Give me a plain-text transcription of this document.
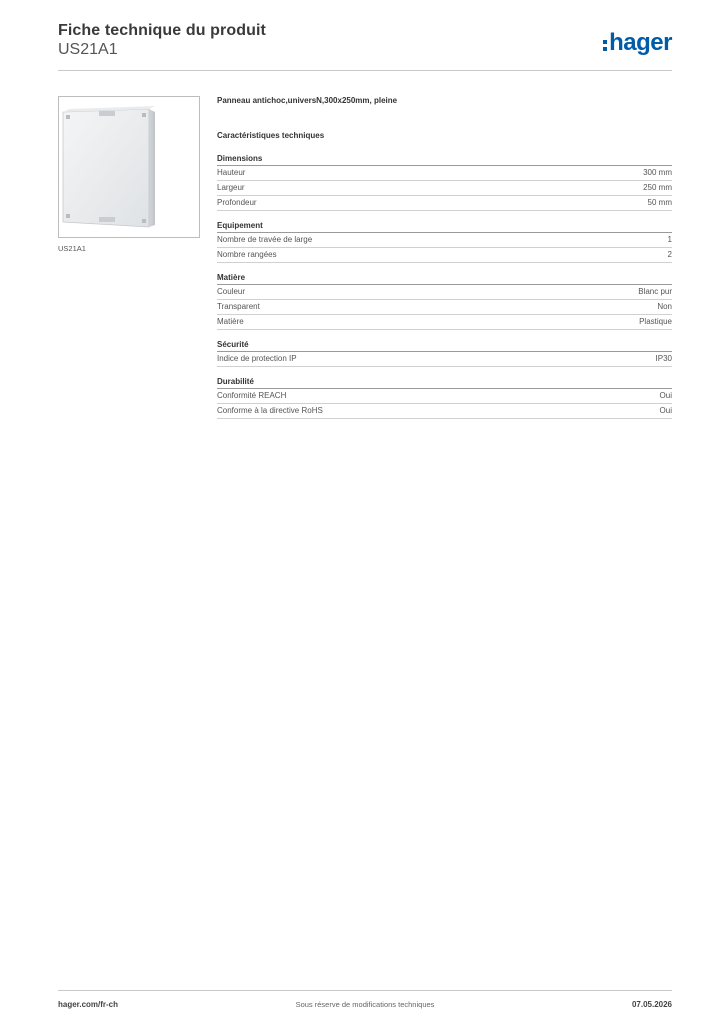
Fiche technique du produit
US21A1	hager
US21A1
Panneau antichoc,universN,300x250mm, pleine
Caractéristiques techniques
Dimensions
Hauteur	300 mm
Largeur	250 mm
Profondeur	50 mm
Equipement
Nombre de travée de large	1
Nombre rangées	2
Matière
Couleur	Blanc pur
Transparent	Non
Matière	Plastique
Sécurité
Indice de protection IP	IP30
Durabilité
Conformité REACH	Oui
Conforme à la directive RoHS	Oui
hager.com/fr-ch	Sous réserve de modifications techniques	07.05.2026
